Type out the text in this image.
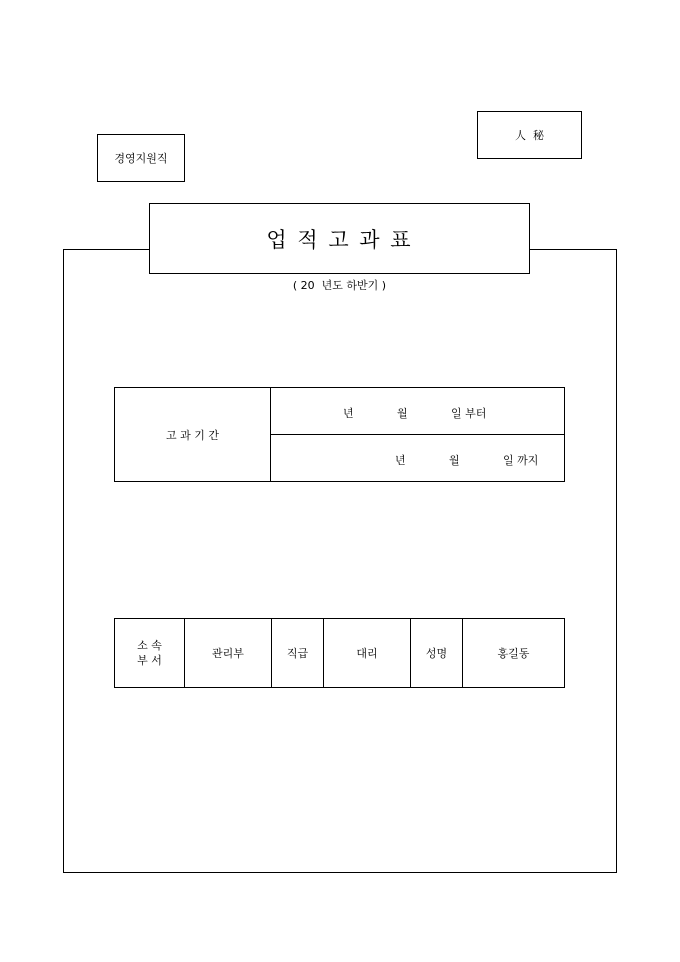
경영지원직
人  秘
업 적 고 과 표
( 20  년도 하반기 )
고 과 기 간	
년	월	일 부터

년	월	일 까지
소 속
부 서	관리부	직급	대리	성명	홍길동
